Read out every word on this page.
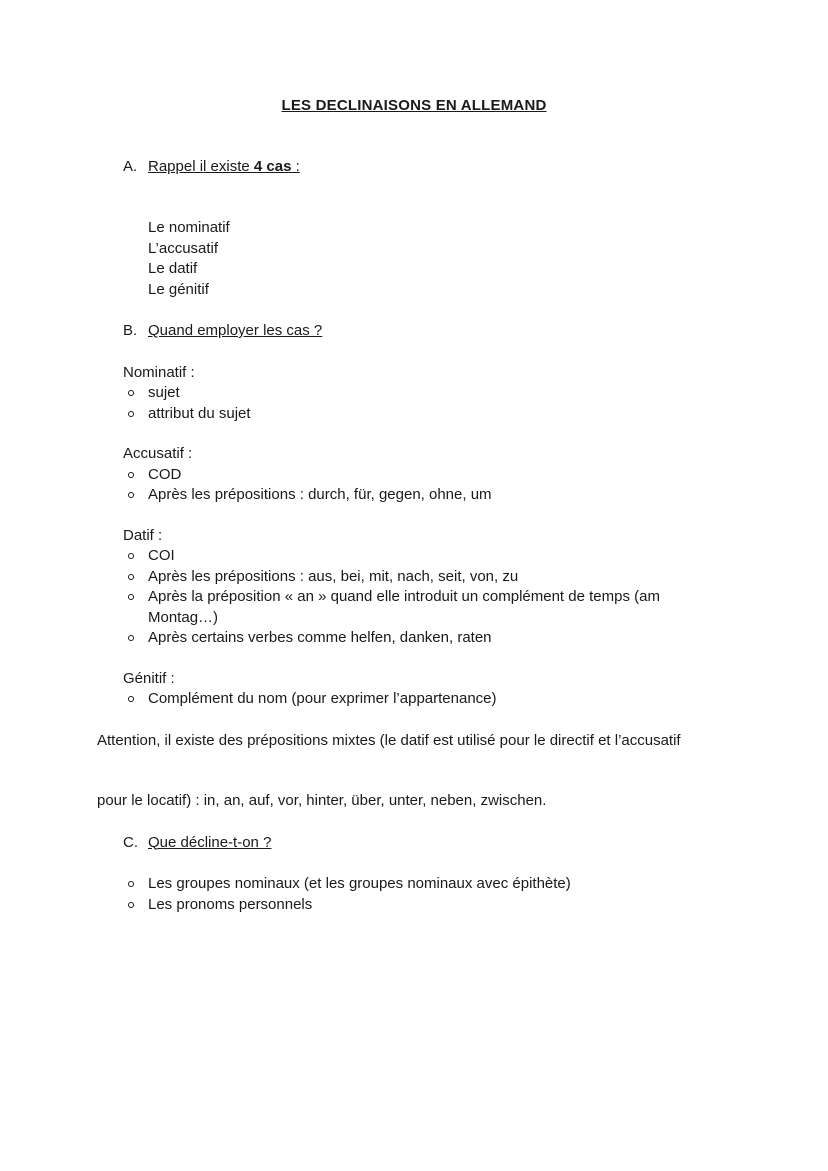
LES DECLINAISONS EN ALLEMAND
A. Rappel il existe 4 cas :
Le nominatif
L’accusatif
Le datif
Le génitif
B. Quand employer les cas ?
Nominatif :
sujet
attribut du sujet
Accusatif :
COD
Après les prépositions : durch, für, gegen, ohne, um
Datif :
COI
Après les prépositions : aus, bei, mit, nach, seit, von, zu
Après la préposition « an » quand elle introduit un complément de temps (am Montag…)
Après certains verbes comme helfen, danken, raten
Génitif :
Complément du nom (pour exprimer l’appartenance)

Attention, il existe des prépositions mixtes (le datif est utilisé pour le directif et l’accusatif

pour le locatif) : in, an, auf, vor, hinter, über, unter, neben, zwischen.

C. Que décline-t-on ?
Les groupes nominaux (et les groupes nominaux avec épithète)
Les pronoms personnels
